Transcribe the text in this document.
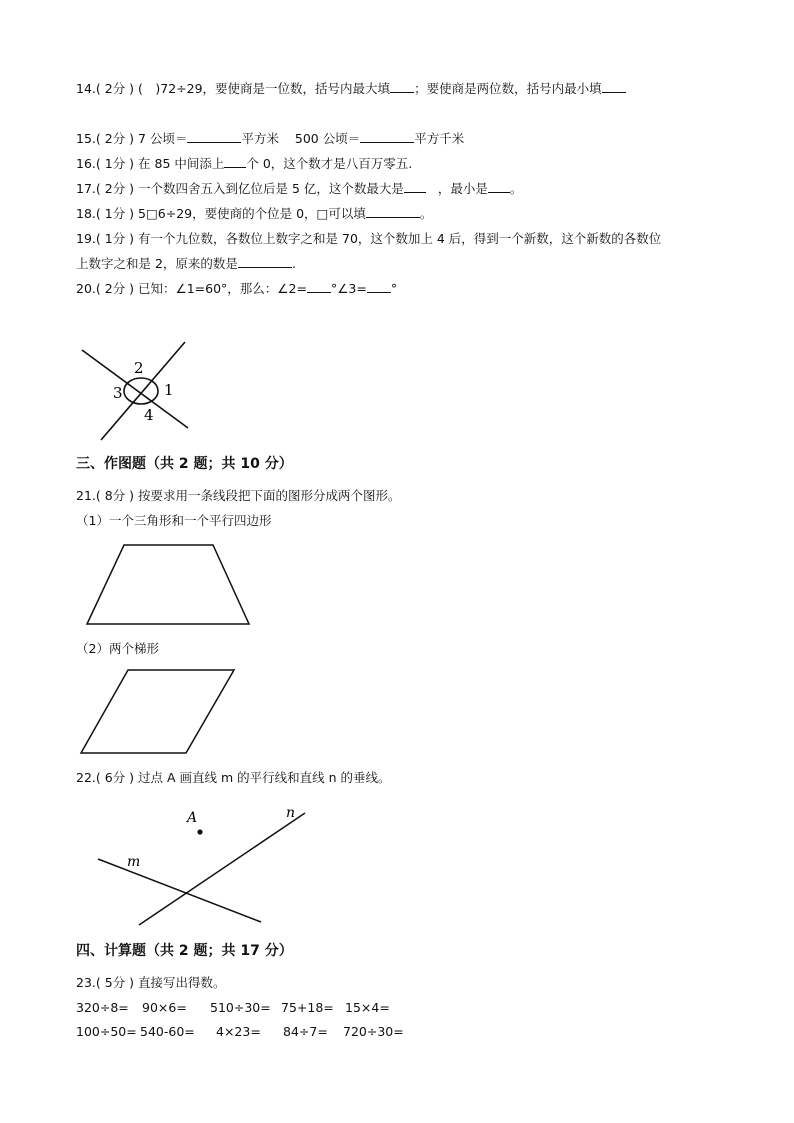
14.( 2分 ) (　)72÷29，要使商是一位数，括号内最大填 ；要使商是两位数，括号内最小填
15.( 2分 ) 7 公顷＝	平方米 500 公顷＝	平方千米
16.( 1分 ) 在 85 中间添上 个 0，这个数才是八百万零五.
17.( 2分 ) 一个数四舍五入到亿位后是 5 亿，这个数最大是	，最小是 。
18.( 1分 ) 5□6÷29，要使商的个位是 0，□可以填	。
19.( 1分 ) 有一个九位数，各数位上数字之和是 70，这个数加上 4 后，得到一个新数，这个新数的各数位
上数字之和是 2，原来的数是	.
20.( 2分 ) 已知：∠1=60°，那么：∠2= °∠3= °
2
1
3
4
三、作图题（共 2 题；共 10 分）
21.( 8分 ) 按要求用一条线段把下面的图形分成两个图形。
（1）一个三角形和一个平行四边形
（2）两个梯形
22.( 6分 ) 过点 A 画直线 m 的平行线和直线 n 的垂线。
A
m
n
四、计算题（共 2 题；共 17 分）
23.( 5分 ) 直接写出得数。
320÷8=	90×6=	510÷30= 75+18= 15×4=
100÷50= 540-60=	4×23=	84÷7=	720÷30=
